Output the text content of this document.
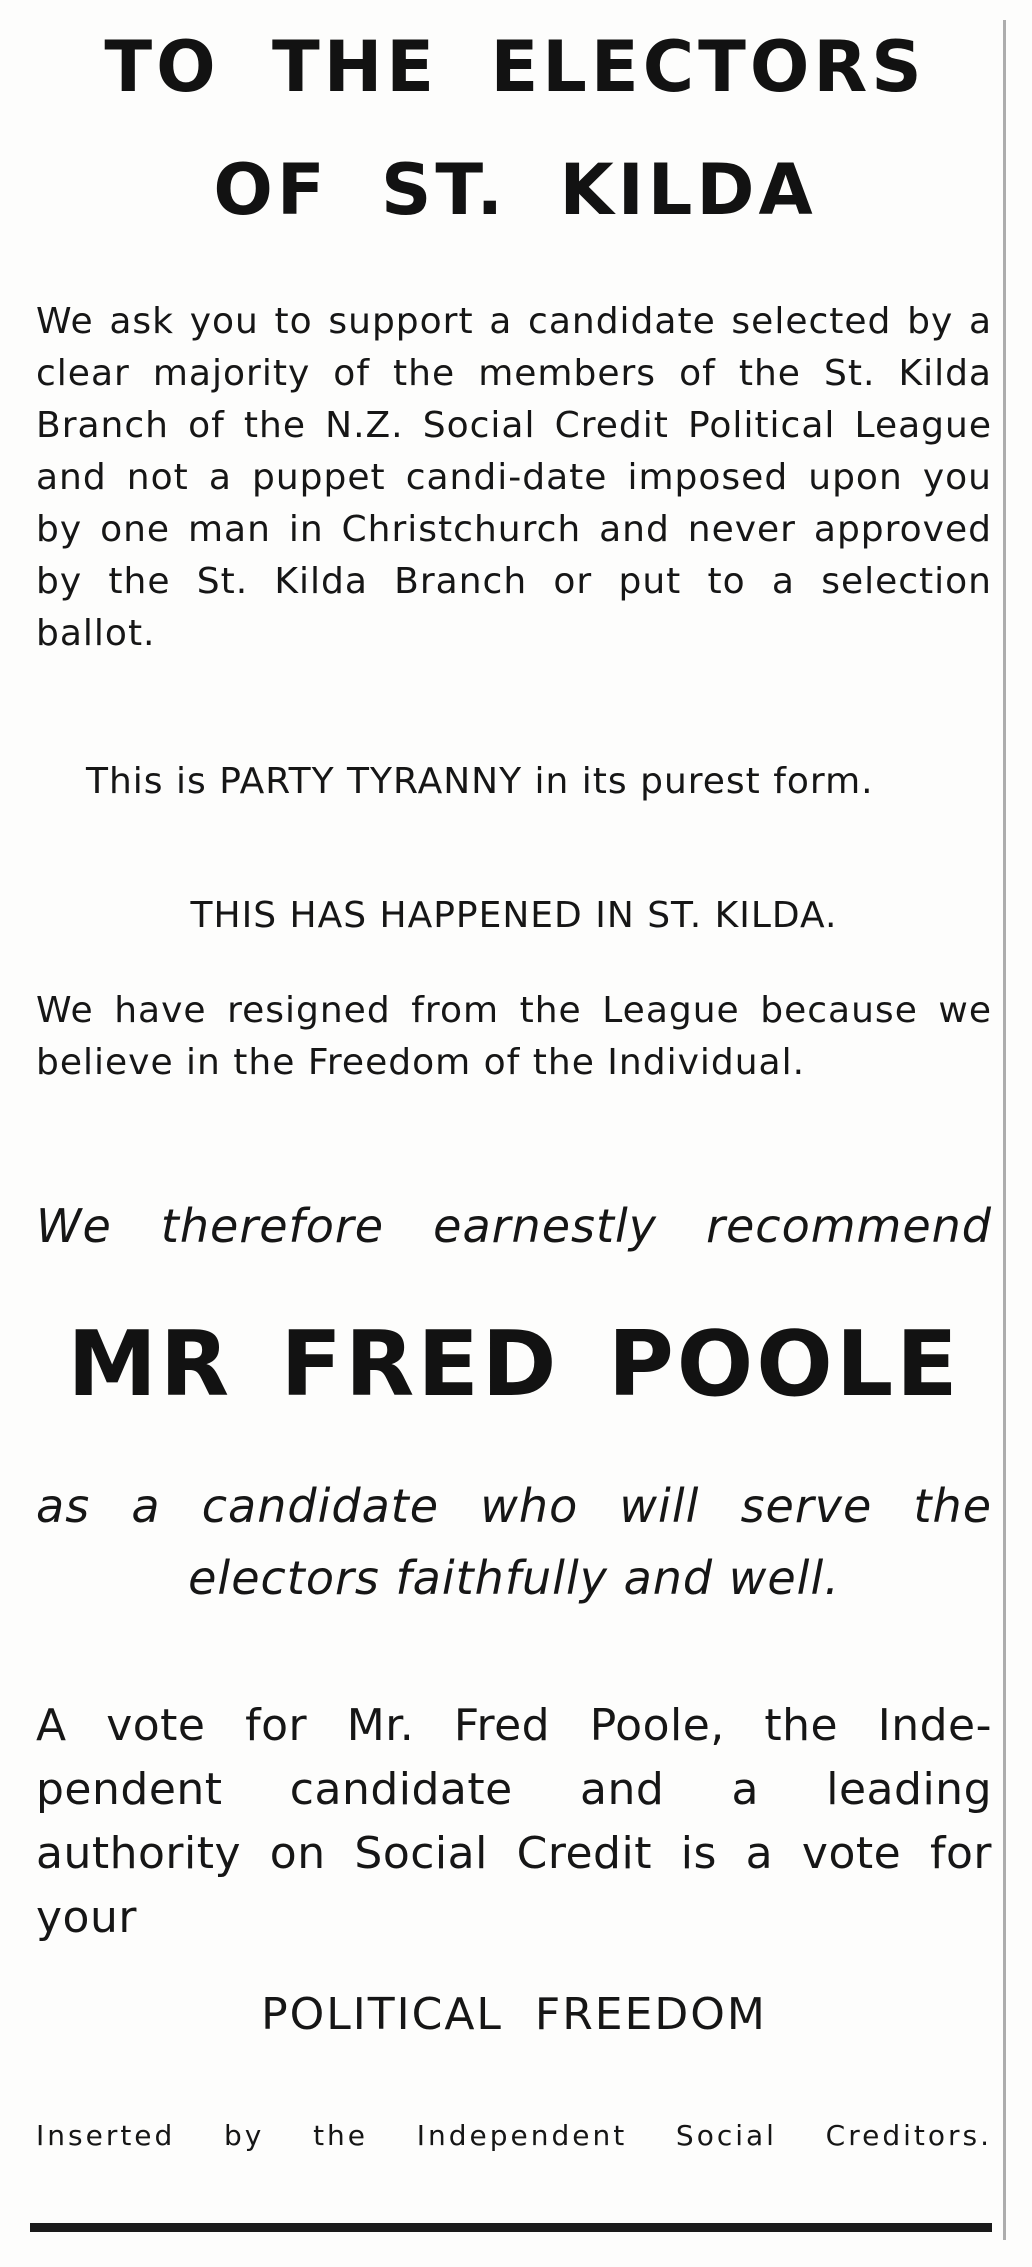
TO THE ELECTORS
OF ST. KILDA
We ask you to support a candidate selected by a clear majority of the members of the St. Kilda Branch of the N.Z. Social Credit Political League and not a puppet candi-date imposed upon you by one man in Christchurch and never approved by the St. Kilda Branch or put to a selection ballot.
This is PARTY TYRANNY in its purest form.
THIS HAS HAPPENED IN ST. KILDA.
We have resigned from the League because we believe in the Freedom of the Individual.
We therefore earnestly recommend
MR FRED POOLE
as a candidate who will serve the
electors faithfully and well.
A vote for Mr. Fred Poole, the Inde-pendent candidate and a leading authority on Social Credit is a vote for your
POLITICAL FREEDOM
Inserted by the Independent Social Creditors.
